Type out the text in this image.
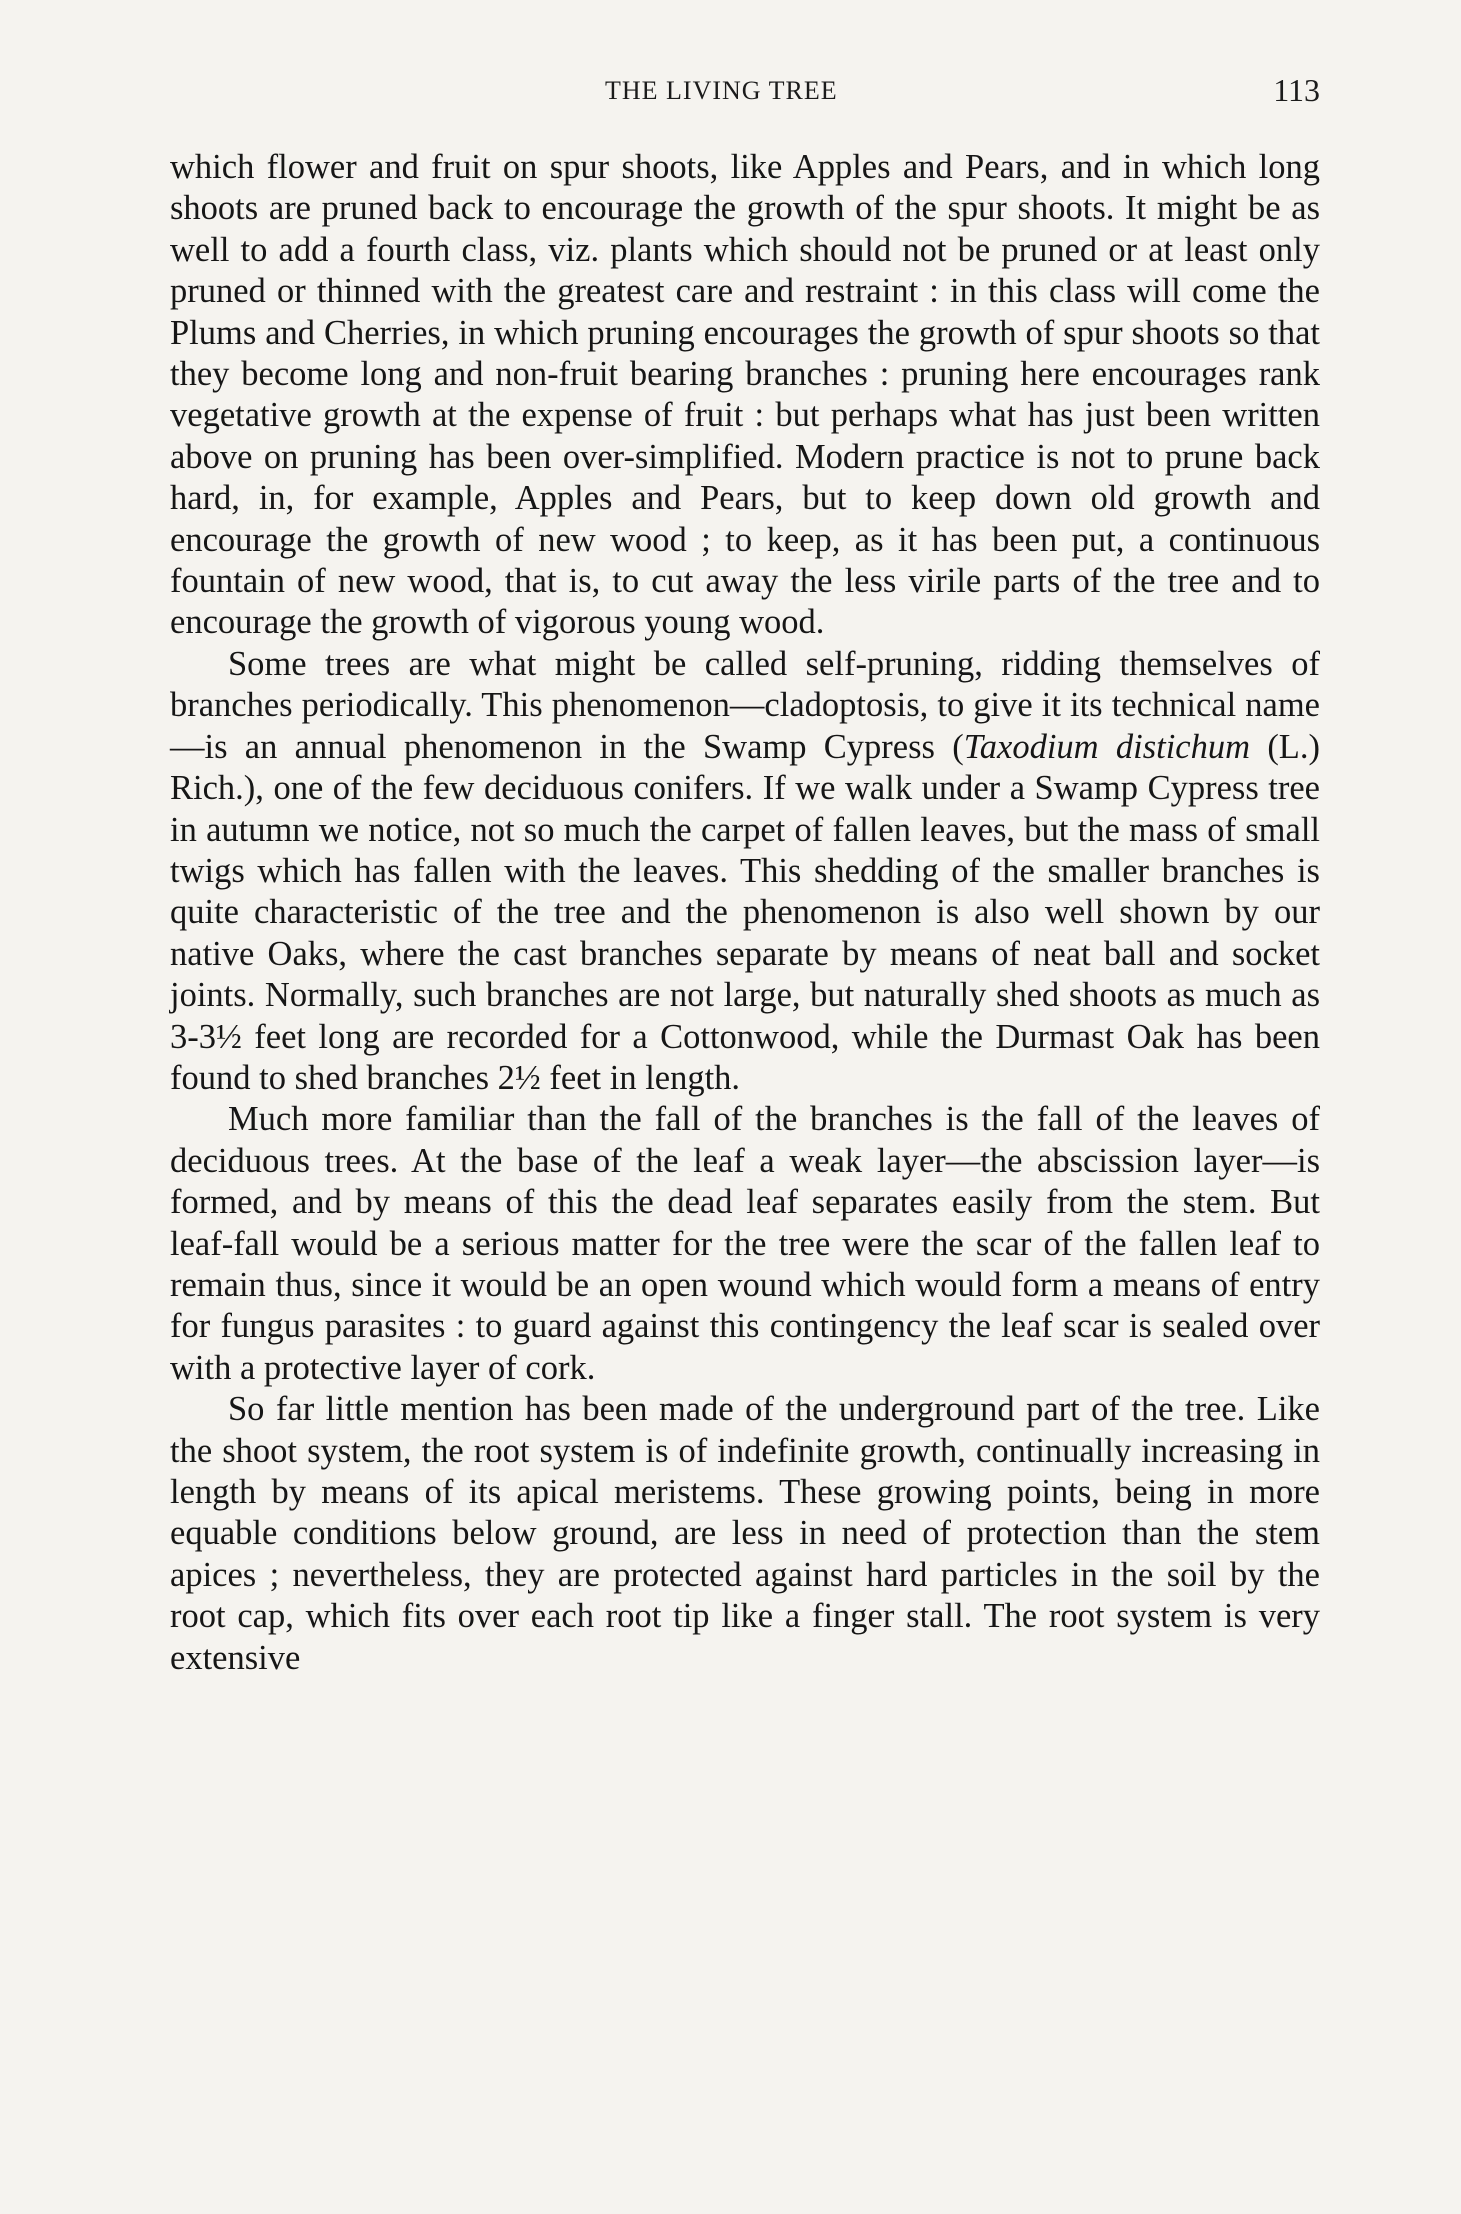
THE LIVING TREE	113

which flower and fruit on spur shoots, like Apples and Pears, and in which long shoots are pruned back to encourage the growth of the spur shoots. It might be as well to add a fourth class, viz. plants which should not be pruned or at least only pruned or thinned with the greatest care and restraint : in this class will come the Plums and Cherries, in which pruning encourages the growth of spur shoots so that they become long and non-fruit bearing branches : pruning here encourages rank vegetative growth at the expense of fruit : but perhaps what has just been written above on pruning has been over-simplified. Modern practice is not to prune back hard, in, for example, Apples and Pears, but to keep down old growth and encourage the growth of new wood ; to keep, as it has been put, a continuous fountain of new wood, that is, to cut away the less virile parts of the tree and to encourage the growth of vigorous young wood.

Some trees are what might be called self-pruning, ridding themselves of branches periodically. This phenomenon—cladoptosis, to give it its technical name—is an annual phenomenon in the Swamp Cypress (Taxodium distichum (L.) Rich.), one of the few deciduous conifers. If we walk under a Swamp Cypress tree in autumn we notice, not so much the carpet of fallen leaves, but the mass of small twigs which has fallen with the leaves. This shedding of the smaller branches is quite characteristic of the tree and the phenomenon is also well shown by our native Oaks, where the cast branches separate by means of neat ball and socket joints. Normally, such branches are not large, but naturally shed shoots as much as 3-3½ feet long are recorded for a Cottonwood, while the Durmast Oak has been found to shed branches 2½ feet in length.

Much more familiar than the fall of the branches is the fall of the leaves of deciduous trees. At the base of the leaf a weak layer—the abscission layer—is formed, and by means of this the dead leaf separates easily from the stem. But leaf-fall would be a serious matter for the tree were the scar of the fallen leaf to remain thus, since it would be an open wound which would form a means of entry for fungus parasites : to guard against this contingency the leaf scar is sealed over with a protective layer of cork.

So far little mention has been made of the underground part of the tree. Like the shoot system, the root system is of indefinite growth, continually increasing in length by means of its apical meristems. These growing points, being in more equable conditions below ground, are less in need of protection than the stem apices ; nevertheless, they are protected against hard particles in the soil by the root cap, which fits over each root tip like a finger stall. The root system is very extensive
